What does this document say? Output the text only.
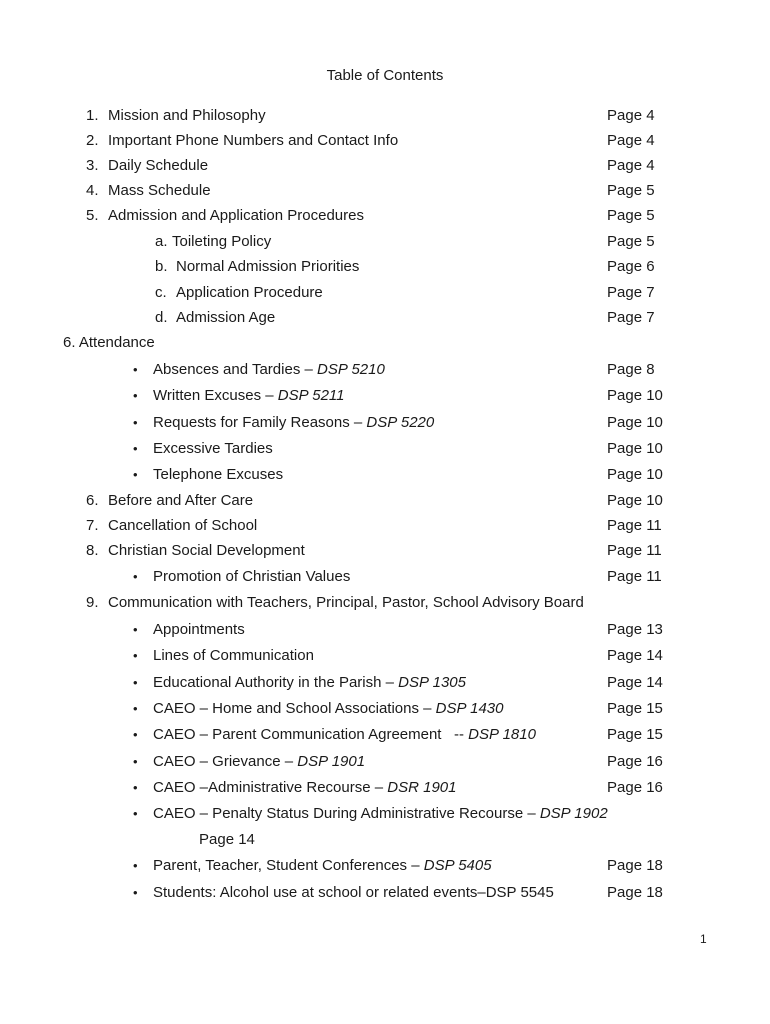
Table of Contents
1. Mission and Philosophy	Page 4
2. Important Phone Numbers and Contact Info	Page 4
3. Daily Schedule	Page 4
4. Mass Schedule	Page 5
5. Admission and Application Procedures	Page 5
a. Toileting Policy	Page 5
b. Normal Admission Priorities	Page 6
c. Application Procedure	Page 7
d. Admission Age	Page 7
6. Attendance
• Absences and Tardies – DSP 5210	Page 8
• Written Excuses – DSP 5211	Page 10
• Requests for Family Reasons – DSP 5220	Page 10
• Excessive Tardies	Page 10
• Telephone Excuses	Page 10
6. Before and After Care	Page 10
7. Cancellation of School	Page 11
8. Christian Social Development	Page 11
• Promotion of Christian Values	Page 11
9. Communication with Teachers, Principal, Pastor, School Advisory Board
• Appointments	Page 13
• Lines of Communication	Page 14
• Educational Authority in the Parish – DSP 1305	Page 14
• CAEO – Home and School Associations – DSP 1430	Page 15
• CAEO – Parent Communication Agreement   -- DSP 1810	Page 15
• CAEO – Grievance – DSP 1901	Page 16
• CAEO –Administrative Recourse – DSR 1901	Page 16
• CAEO – Penalty Status During Administrative Recourse – DSP 1902
Page 14
• Parent, Teacher, Student Conferences – DSP 5405	Page 18
• Students: Alcohol use at school or related events–DSP 5545	Page 18
1
